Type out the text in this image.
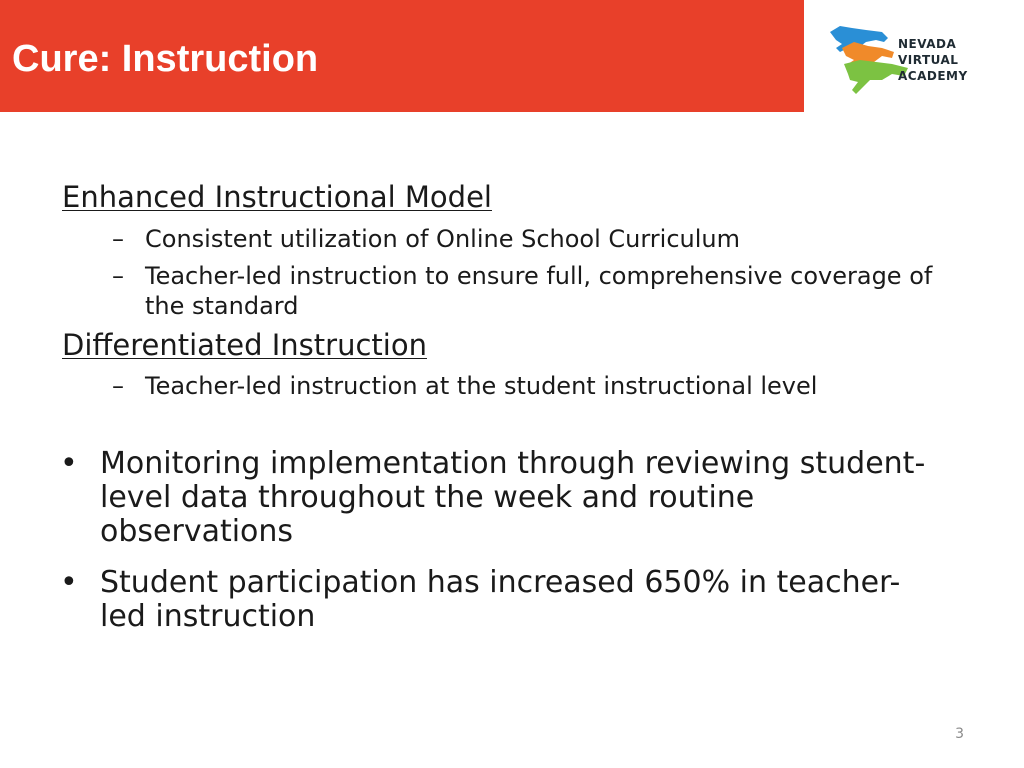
Cure: Instruction	NEVADA
VIRTUAL
ACADEMY
Enhanced Instructional Model
– Consistent utilization of Online School Curriculum
– Teacher-led instruction to ensure full, comprehensive coverage of the standard
Differentiated Instruction
– Teacher-led instruction at the student instructional level
• Monitoring implementation through reviewing student-level data throughout the week and routine observations
• Student participation has increased 650% in teacher-led instruction
3
